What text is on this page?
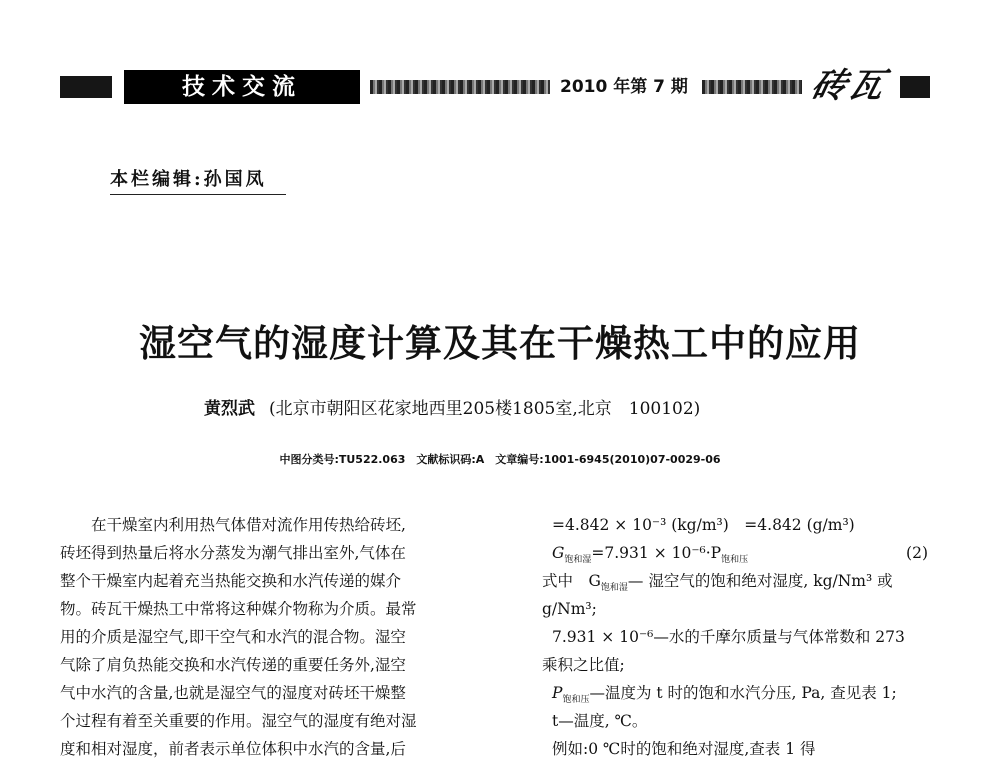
技术交流	2010 年第 7 期	砖瓦
本栏编辑:孙国凤
湿空气的湿度计算及其在干燥热工中的应用
黄烈武 (北京市朝阳区花家地西里205楼1805室,北京　100102)
中图分类号:TU522.063　文献标识码:A　文章编号:1001-6945(2010)07-0029-06

在干燥室内利用热气体借对流作用传热给砖坯,

砖坯得到热量后将水分蒸发为潮气排出室外,气体在

整个干燥室内起着充当热能交换和水汽传递的媒介

物。砖瓦干燥热工中常将这种媒介物称为介质。最常

用的介质是湿空气,即干空气和水汽的混合物。湿空

气除了肩负热能交换和水汽传递的重要任务外,湿空

气中水汽的含量,也就是湿空气的湿度对砖坯干燥整

个过程有着至关重要的作用。湿空气的湿度有绝对湿

度和相对湿度，前者表示单位体积中水汽的含量,后

=4.842 × 10⁻³ (kg/m³)　=4.842 (g/m³)
$G_{饱和湿}=7.931 \times 10^{-6}\cdot P_{饱和压}$	(2)
式中　$G_{饱和湿}—$ 湿空气的饱和绝对湿度, kg/Nm³ 或
g/Nm³;
7.931 × 10⁻⁶—水的千摩尔质量与气体常数和 273
乘积之比值;
$P_{饱和压}—$温度为 t 时的饱和水汽分压, Pa, 查见表 1;
t—温度, ℃。
例如:0 ℃时的饱和绝对湿度,查表 1 得
